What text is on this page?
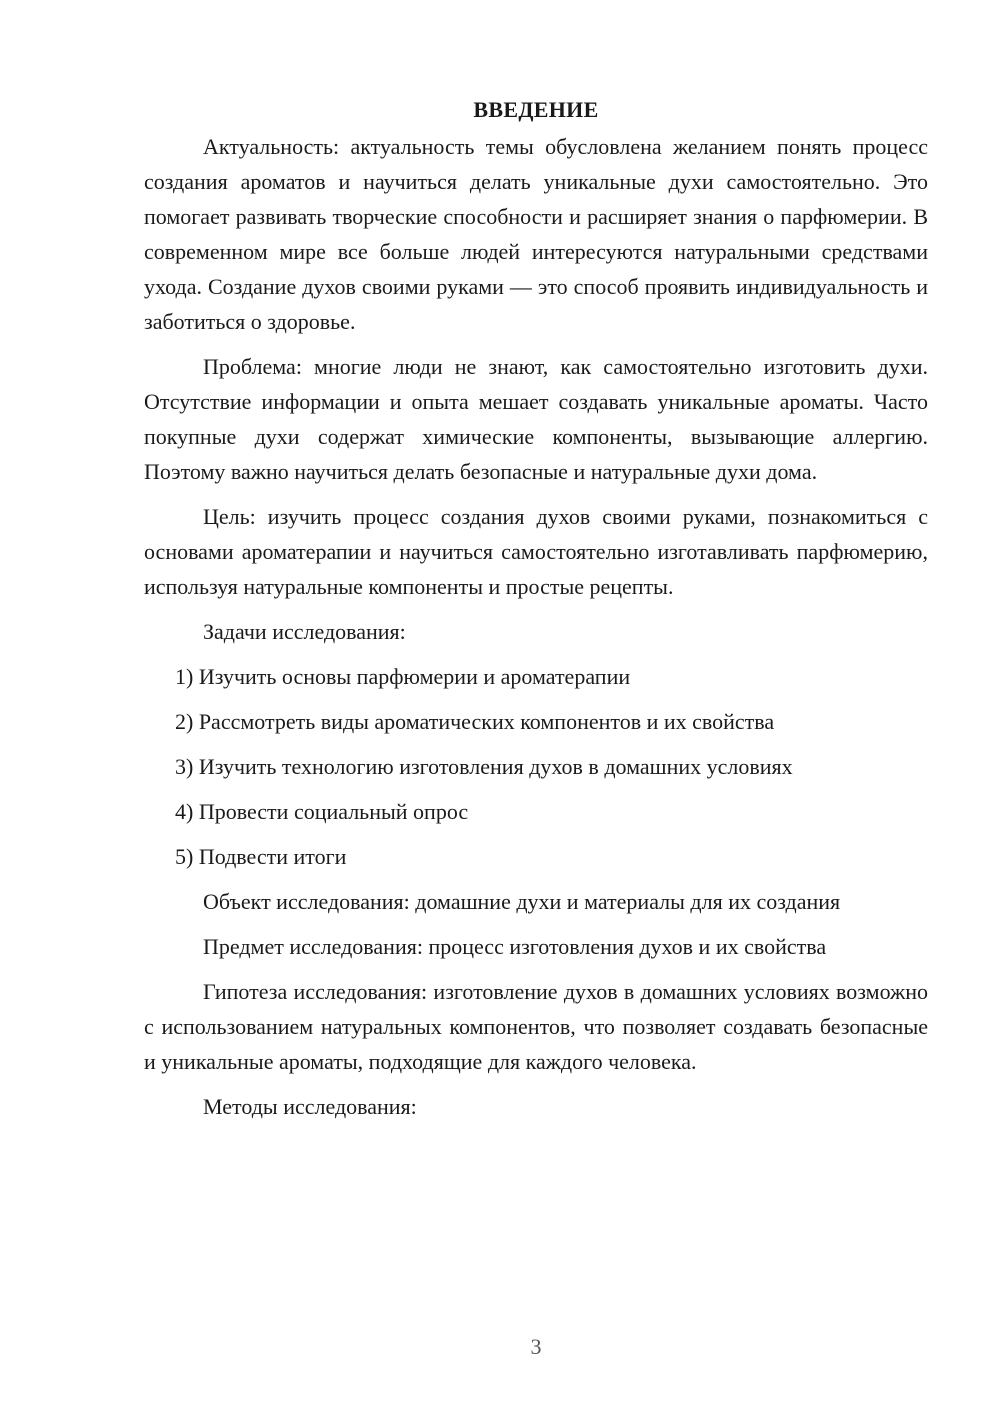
ВВЕДЕНИЕ

Актуальность: актуальность темы обусловлена желанием понять процесс создания ароматов и научиться делать уникальные духи самостоятельно. Это помогает развивать творческие способности и расширяет знания о парфюмерии. В современном мире все больше людей интересуются натуральными средствами ухода. Создание духов своими руками — это способ проявить индивидуальность и заботиться о здоровье.

Проблема: многие люди не знают, как самостоятельно изготовить духи. Отсутствие информации и опыта мешает создавать уникальные ароматы. Часто покупные духи содержат химические компоненты, вызывающие аллергию. Поэтому важно научиться делать безопасные и натуральные духи дома.

Цель: изучить процесс создания духов своими руками, познакомиться с основами ароматерапии и научиться самостоятельно изготавливать парфюмерию, используя натуральные компоненты и простые рецепты.

Задачи исследования:
1) Изучить основы парфюмерии и ароматерапии
2) Рассмотреть виды ароматических компонентов и их свойства
3) Изучить технологию изготовления духов в домашних условиях
4) Провести социальный опрос
5) Подвести итоги
Объект исследования: домашние духи и материалы для их создания
Предмет исследования: процесс изготовления духов и их свойства

Гипотеза исследования: изготовление духов в домашних условиях возможно с использованием натуральных компонентов, что позволяет создавать безопасные и уникальные ароматы, подходящие для каждого человека.

Методы исследования:
3
